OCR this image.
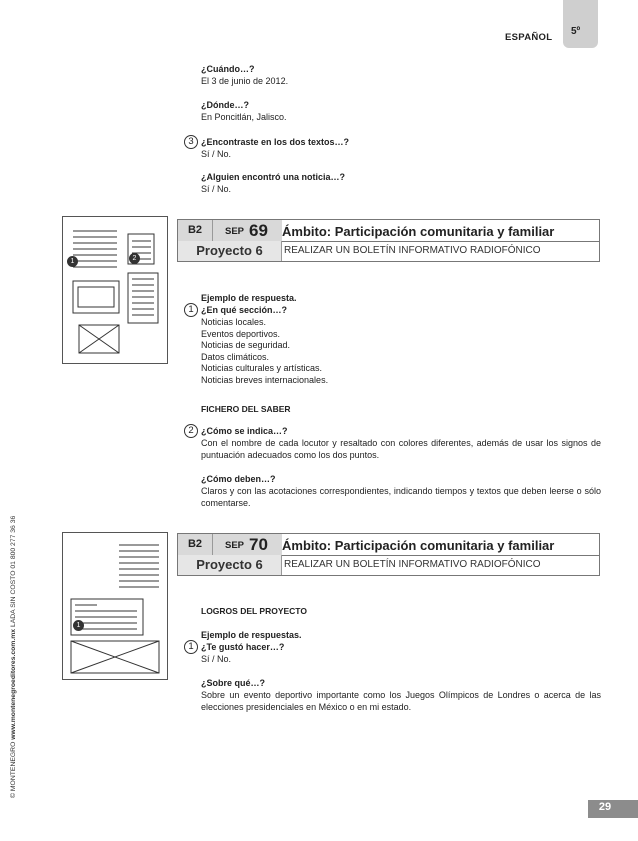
ESPAÑOL
5º
© MONTENEGRO www.montenegroeditores.com.mx LADA SIN COSTO 01 800 277 36 36
¿Cuándo…?
El 3 de junio de 2012.
¿Dónde…?
En Poncitlán, Jalisco.
3 ¿Encontraste en los dos textos…?
Sí / No.
¿Alguien encontró una noticia…?
Sí / No.
1	2
B2	SEP 69 Ámbito: Participación comunitaria y familiar
Proyecto 6	REALIZAR UN BOLETÍN INFORMATIVO RADIOFÓNICO
Ejemplo de respuesta.
1 ¿En qué sección…?
Noticias locales.
Eventos deportivos.
Noticias de seguridad.
Datos climáticos.
Noticias culturales y artísticas.
Noticias breves internacionales.
FICHERO DEL SABER
2 ¿Cómo se indica…?
Con el nombre de cada locutor y resaltado con colores diferentes, además de usar los signos de puntuación adecuados como los dos puntos.
¿Cómo deben…?
Claros y con las acotaciones correspondientes, indicando tiempos y textos que deben leerse o sólo comentarse.
1
B2	SEP 70 Ámbito: Participación comunitaria y familiar
Proyecto 6	REALIZAR UN BOLETÍN INFORMATIVO RADIOFÓNICO
LOGROS DEL PROYECTO
Ejemplo de respuestas.
1 ¿Te gustó hacer…?
Sí / No.
¿Sobre qué…?
Sobre un evento deportivo importante como los Juegos Olímpicos de Londres o acerca de las elecciones presidenciales en México o en mi estado.
29
